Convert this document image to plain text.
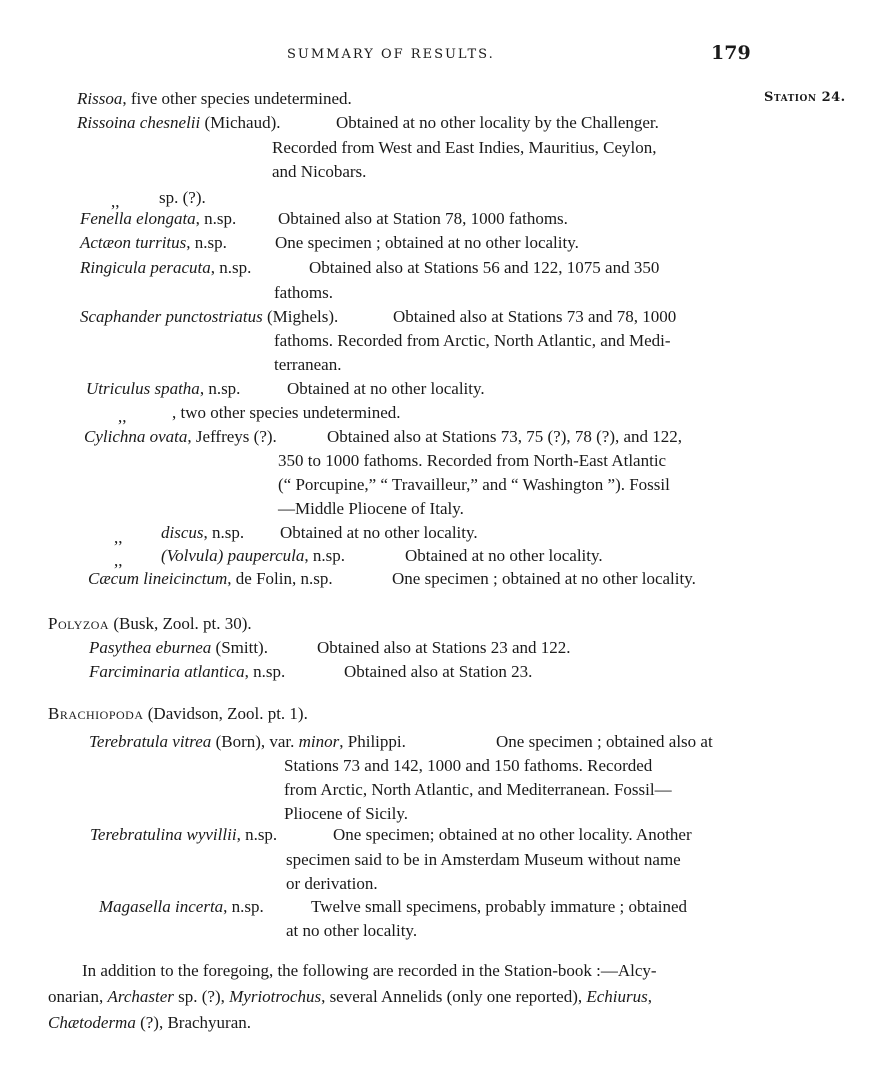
SUMMARY OF RESULTS.	179
Station 24.
Rissoa, five other species undetermined.
Rissoina chesnelii (Michaud).	Obtained at no other locality by the Challenger.
Recorded from West and East Indies, Mauritius, Ceylon,
and Nicobars.
,, sp. (?).
Fenella elongata, n.sp. Obtained also at Station 78, 1000 fathoms.
Actæon turritus, n.sp.	One specimen ; obtained at no other locality.
Ringicula peracuta, n.sp.	Obtained also at Stations 56 and 122, 1075 and 350
fathoms.
Scaphander punctostriatus (Mighels).	Obtained also at Stations 73 and 78, 1000
fathoms. Recorded from Arctic, North Atlantic, and Medi-
terranean.
Utriculus spatha, n.sp.	Obtained at no other locality.
,,	, two other species undetermined.
Cylichna ovata, Jeffreys (?).	Obtained also at Stations 73, 75 (?), 78 (?), and 122,
350 to 1000 fathoms. Recorded from North-East Atlantic
(“ Porcupine,” “ Travailleur,” and “ Washington ”). Fossil
—Middle Pliocene of Italy.
,, discus, n.sp. Obtained at no other locality.
,, (Volvula) paupercula, n.sp.	Obtained at no other locality.
Cæcum lineicinctum, de Folin, n.sp.	One specimen ; obtained at no other locality.
Polyzoa (Busk, Zool. pt. 30).
Pasythea eburnea (Smitt).	Obtained also at Stations 23 and 122.
Farciminaria atlantica, n.sp.	Obtained also at Station 23.
Brachiopoda (Davidson, Zool. pt. 1).
Terebratula vitrea (Born), var. minor, Philippi.	One specimen ; obtained also at
Stations 73 and 142, 1000 and 150 fathoms. Recorded
from Arctic, North Atlantic, and Mediterranean. Fossil—
Pliocene of Sicily.
Terebratulina wyvillii, n.sp.	One specimen; obtained at no other locality. Another
specimen said to be in Amsterdam Museum without name
or derivation.
Magasella incerta, n.sp.	Twelve small specimens, probably immature ; obtained
at no other locality.
In addition to the foregoing, the following are recorded in the Station-book :—Alcy-
onarian, Archaster sp. (?), Myriotrochus, several Annelids (only one reported), Echiurus,
Chætoderma (?), Brachyuran.
